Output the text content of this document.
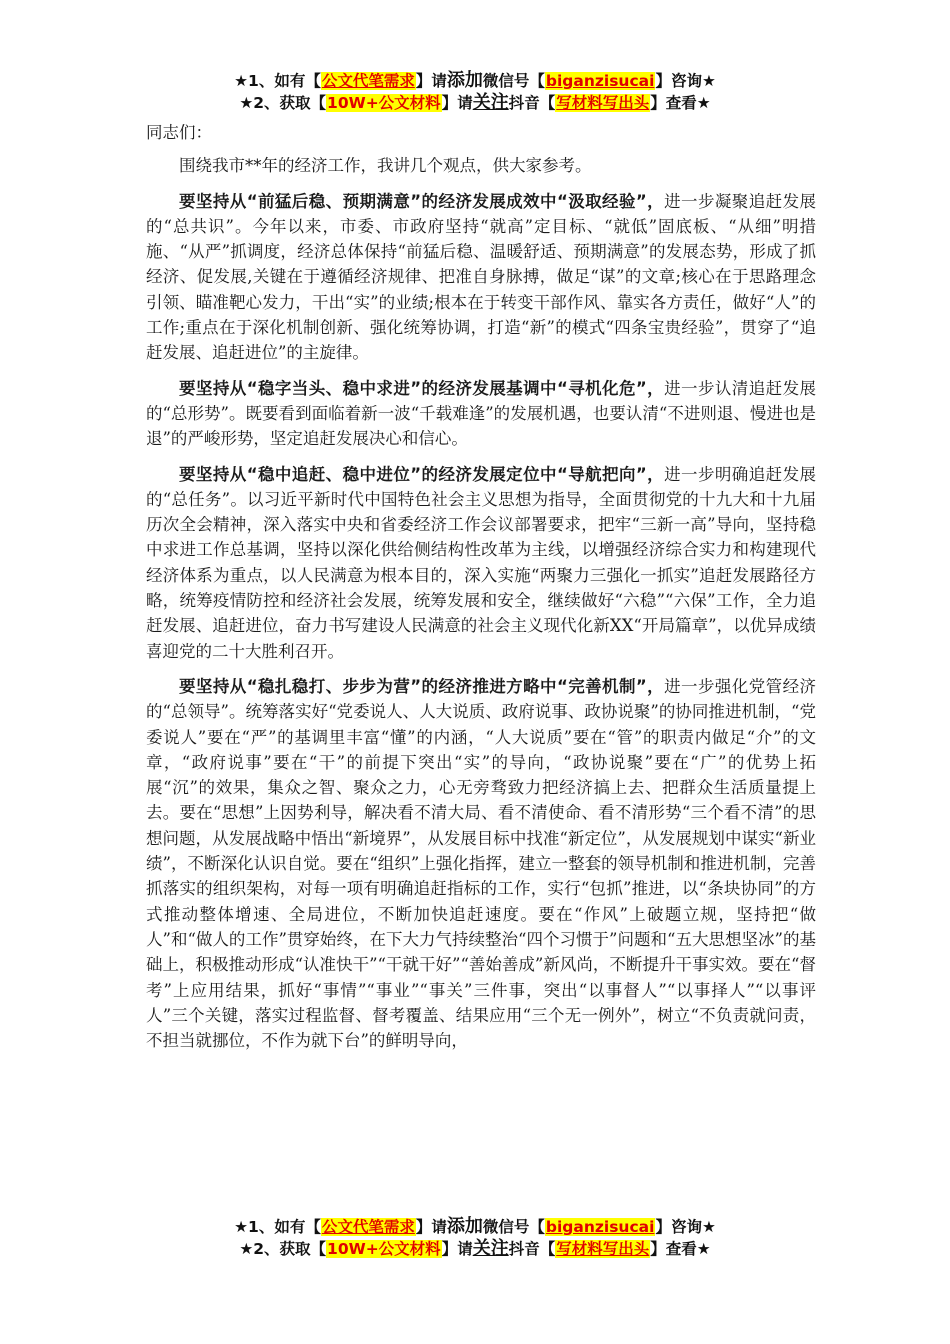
★1、如有【公文代笔需求】请添加微信号【biganzisucai】咨询★
★2、获取【10W+公文材料】请关注抖音【写材料写出头】查看★

同志们：

围绕我市**年的经济工作，我讲几个观点，供大家参考。

要坚持从“前猛后稳、预期满意”的经济发展成效中“汲取经验”，进一步凝聚追赶发展的“总共识”。今年以来，市委、市政府坚持“就高”定目标、“就低”固底板、“从细”明措施、“从严”抓调度，经济总体保持“前猛后稳、温暖舒适、预期满意”的发展态势，形成了抓经济、促发展,关键在于遵循经济规律、把准自身脉搏，做足“谋”的文章;核心在于思路理念引领、瞄准靶心发力，干出“实”的业绩;根本在于转变干部作风、靠实各方责任，做好“人”的工作;重点在于深化机制创新、强化统筹协调，打造“新”的模式“四条宝贵经验”，贯穿了“追赶发展、追赶进位”的主旋律。

要坚持从“稳字当头、稳中求进”的经济发展基调中“寻机化危”，进一步认清追赶发展的“总形势”。既要看到面临着新一波“千载难逢”的发展机遇，也要认清“不进则退、慢进也是退”的严峻形势，坚定追赶发展决心和信心。

要坚持从“稳中追赶、稳中进位”的经济发展定位中“导航把向”，进一步明确追赶发展的“总任务”。以习近平新时代中国特色社会主义思想为指导，全面贯彻党的十九大和十九届历次全会精神，深入落实中央和省委经济工作会议部署要求，把牢“三新一高”导向，坚持稳中求进工作总基调，坚持以深化供给侧结构性改革为主线，以增强经济综合实力和构建现代经济体系为重点，以人民满意为根本目的，深入实施“两聚力三强化一抓实”追赶发展路径方略，统筹疫情防控和经济社会发展，统筹发展和安全，继续做好“六稳”“六保”工作，全力追赶发展、追赶进位，奋力书写建设人民满意的社会主义现代化新XX“开局篇章”，以优异成绩喜迎党的二十大胜利召开。

要坚持从“稳扎稳打、步步为营”的经济推进方略中“完善机制”，进一步强化党管经济的“总领导”。统筹落实好“党委说人、人大说质、政府说事、政协说聚”的协同推进机制，“党委说人”要在“严”的基调里丰富“懂”的内涵，“人大说质”要在“管”的职责内做足“介”的文章，“政府说事”要在“干”的前提下突出“实”的导向，“政协说聚”要在“广”的优势上拓展“沉”的效果，集众之智、聚众之力，心无旁骛致力把经济搞上去、把群众生活质量提上去。要在“思想”上因势利导，解决看不清大局、看不清使命、看不清形势“三个看不清”的思想问题，从发展战略中悟出“新境界”，从发展目标中找准“新定位”，从发展规划中谋实“新业绩”，不断深化认识自觉。要在“组织”上强化指挥，建立一整套的领导机制和推进机制，完善抓落实的组织架构，对每一项有明确追赶指标的工作，实行“包抓”推进，以“条块协同”的方式推动整体增速、全局进位，不断加快追赶速度。要在“作风”上破题立规，坚持把“做人”和“做人的工作”贯穿始终，在下大力气持续整治“四个习惯于”问题和“五大思想坚冰”的基础上，积极推动形成“认准快干”“干就干好”“善始善成”新风尚，不断提升干事实效。要在“督考”上应用结果，抓好“事情”“事业”“事关”三件事，突出“以事督人”“以事择人”“以事评人”三个关键，落实过程监督、督考覆盖、结果应用“三个无一例外”，树立“不负责就问责，不担当就挪位，不作为就下台”的鲜明导向，

★1、如有【公文代笔需求】请添加微信号【biganzisucai】咨询★
★2、获取【10W+公文材料】请关注抖音【写材料写出头】查看★
